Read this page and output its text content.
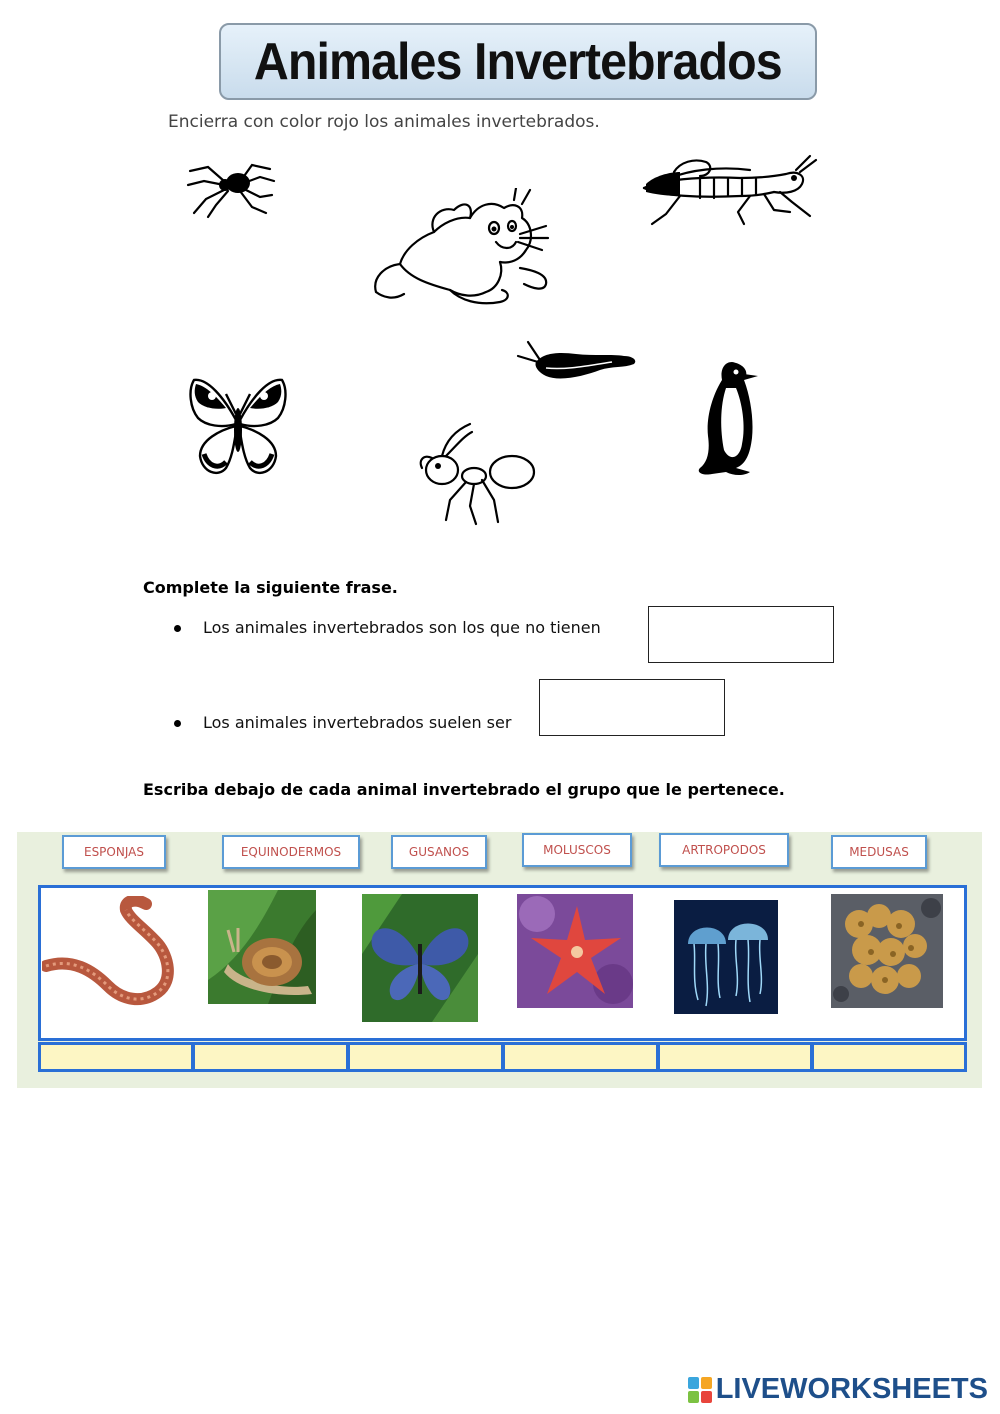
Animales Invertebrados
Encierra con color rojo los animales invertebrados.
Complete la siguiente frase.
Los animales invertebrados son los que no tienen
Los animales invertebrados suelen ser
Escriba debajo de cada animal invertebrado el grupo que le pertenece.
ESPONJAS	EQUINODERMOS	GUSANOS	MOLUSCOS	ARTROPODOS	MEDUSAS
LIVEWORKSHEETS
